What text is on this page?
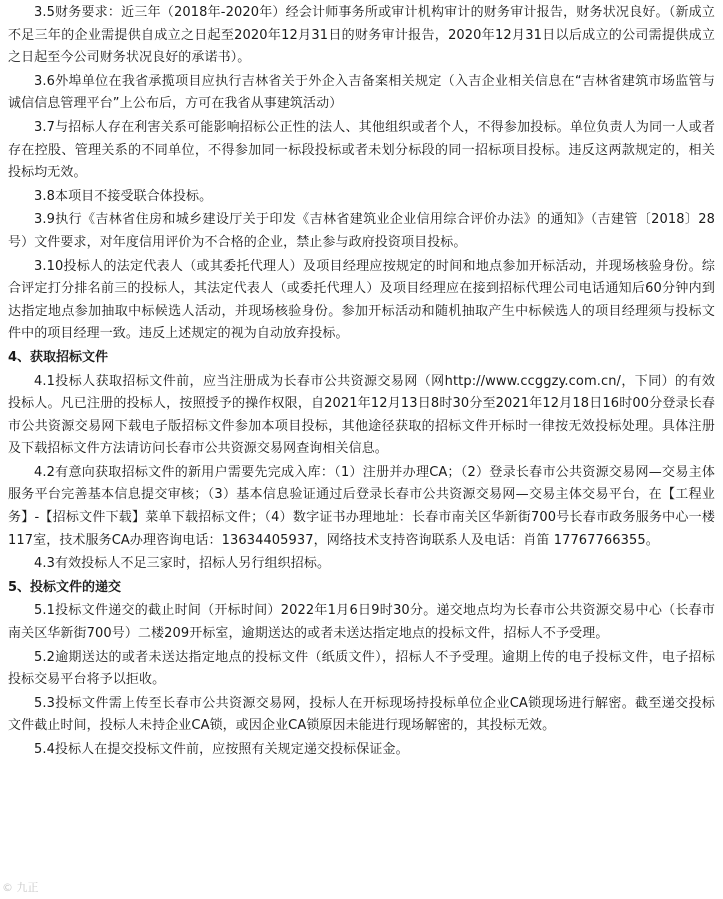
3.5财务要求：近三年（2018年-2020年）经会计师事务所或审计机构审计的财务审计报告，财务状况良好。（新成立不足三年的企业需提供自成立之日起至2020年12月31日的财务审计报告，2020年12月31日以后成立的公司需提供成立之日起至今公司财务状况良好的承诺书）。

3.6外埠单位在我省承揽项目应执行吉林省关于外企入吉备案相关规定（入吉企业相关信息在“吉林省建筑市场监管与诚信信息管理平台”上公布后，方可在我省从事建筑活动）

3.7与招标人存在利害关系可能影响招标公正性的法人、其他组织或者个人，不得参加投标。单位负责人为同一人或者存在控股、管理关系的不同单位，不得参加同一标段投标或者未划分标段的同一招标项目投标。违反这两款规定的，相关投标均无效。

3.8本项目不接受联合体投标。

3.9执行《吉林省住房和城乡建设厅关于印发《吉林省建筑业企业信用综合评价办法》的通知》（吉建管〔2018〕28号）文件要求，对年度信用评价为不合格的企业，禁止参与政府投资项目投标。

3.10投标人的法定代表人（或其委托代理人）及项目经理应按规定的时间和地点参加开标活动，并现场核验身份。综合评定打分排名前三的投标人，其法定代表人（或委托代理人）及项目经理应在接到招标代理公司电话通知后60分钟内到达指定地点参加抽取中标候选人活动，并现场核验身份。参加开标活动和随机抽取产生中标候选人的项目经理须与投标文件中的项目经理一致。违反上述规定的视为自动放弃投标。

4、获取招标文件

4.1投标人获取招标文件前，应当注册成为长春市公共资源交易网（网http://www.ccggzy.com.cn/，下同）的有效投标人。凡已注册的投标人，按照授予的操作权限，自2021年12月13日8时30分至2021年12月18日16时00分登录长春市公共资源交易网下载电子版招标文件参加本项目投标，其他途径获取的招标文件开标时一律按无效投标处理。具体注册及下载招标文件方法请访问长春市公共资源交易网查询相关信息。

4.2有意向获取招标文件的新用户需要先完成入库：（1）注册并办理CA；（2）登录长春市公共资源交易网—交易主体服务平台完善基本信息提交审核；（3）基本信息验证通过后登录长春市公共资源交易网—交易主体交易平台，在【工程业务】-【招标文件下载】菜单下载招标文件；（4）数字证书办理地址：长春市南关区华新街700号长春市政务服务中心一楼117室，技术服务CA办理咨询电话：13634405937，网络技术支持咨询联系人及电话：肖笛 17767766355。

4.3有效投标人不足三家时，招标人另行组织招标。

5、投标文件的递交

5.1投标文件递交的截止时间（开标时间）2022年1月6日9时30分。递交地点均为长春市公共资源交易中心（长春市南关区华新街700号）二楼209开标室，逾期送达的或者未送达指定地点的投标文件，招标人不予受理。

5.2逾期送达的或者未送达指定地点的投标文件（纸质文件），招标人不予受理。逾期上传的电子投标文件，电子招标投标交易平台将予以拒收。

5.3投标文件需上传至长春市公共资源交易网，投标人在开标现场持投标单位企业CA锁现场进行解密。截至递交投标文件截止时间，投标人未持企业CA锁，或因企业CA锁原因未能进行现场解密的，其投标无效。

5.4投标人在提交投标文件前，应按照有关规定递交投标保证金。

© 九正
